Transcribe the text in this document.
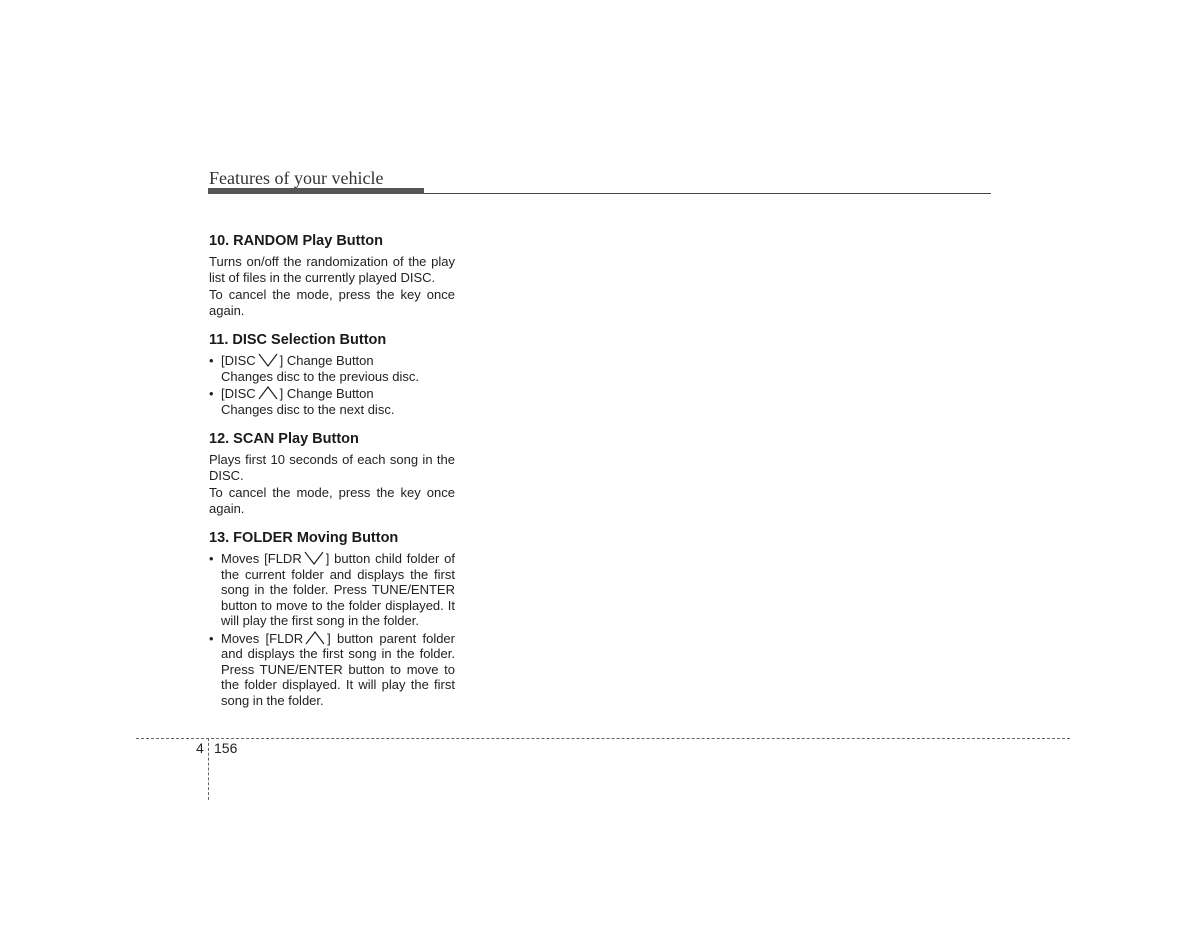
Features of your vehicle
10. RANDOM Play Button

Turns on/off the randomization of the play list of files in the currently played DISC.

To cancel the mode, press the key once again.

11. DISC Selection Button
• [DISC ] Change Button
Changes disc to the previous disc.
• [DISC ] Change Button
Changes disc to the next disc.
12. SCAN Play Button

Plays first 10 seconds of each song in the DISC.

To cancel the mode, press the key once again.

13. FOLDER Moving Button
• Moves [FLDR ] button child folder of the current folder and displays the first song in the folder. Press TUNE/ENTER button to move to the folder displayed. It will play the first song in the folder.
• Moves [FLDR ] button parent folder and displays the first song in the folder. Press TUNE/ENTER button to move to the folder displayed. It will play the first song in the folder.
4 156
